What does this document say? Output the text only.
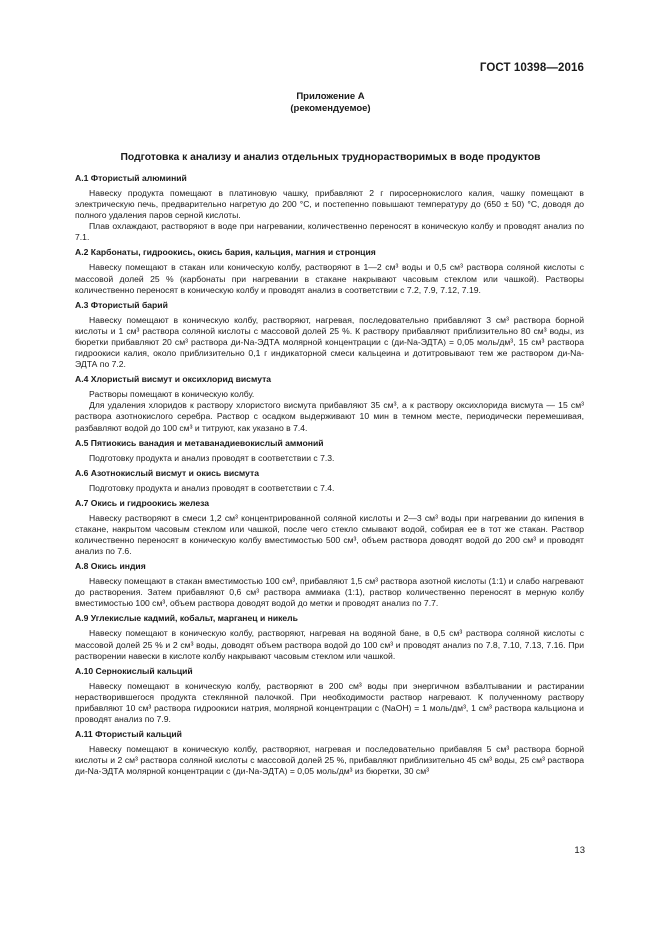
ГОСТ 10398—2016
Приложение А
(рекомендуемое)
Подготовка к анализу и анализ отдельных труднорастворимых в воде продуктов
А.1 Фтористый алюминий

Навеску продукта помещают в платиновую чашку, прибавляют 2 г пиросернокислого калия, чашку помещают в электрическую печь, предварительно нагретую до 200 °С, и постепенно повышают температуру до (650 ± 50) °С, доводя до полного удаления паров серной кислоты.

Плав охлаждают, растворяют в воде при нагревании, количественно переносят в коническую колбу и проводят анализ по 7.1.

А.2 Карбонаты, гидроокись, окись бария, кальция, магния и стронция

Навеску помещают в стакан или коническую колбу, растворяют в 1—2 см³ воды и 0,5 см³ раствора соляной кислоты с массовой долей 25 % (карбонаты при нагревании в стакане накрывают часовым стеклом или чашкой). Растворы количественно переносят в коническую колбу и проводят анализ в соответствии с 7.2, 7.9, 7.12, 7.19.

А.3 Фтористый барий

Навеску помещают в коническую колбу, растворяют, нагревая, последовательно прибавляют 3 см³ раствора борной кислоты и 1 см³ раствора соляной кислоты с массовой долей 25 %. К раствору прибавляют приблизительно 80 см³ воды, из бюретки прибавляют 20 см³ раствора ди-Na-ЭДТА молярной концентрации c (ди-Na-ЭДТА) = 0,05 моль/дм³, 15 см³ раствора гидроокиси калия, около приблизительно 0,1 г индикаторной смеси кальцеина и дотитровывают тем же раствором ди-Na-ЭДТА по 7.2.

А.4 Хлористый висмут и оксихлорид висмута

Растворы помещают в коническую колбу.

Для удаления хлоридов к раствору хлористого висмута прибавляют 35 см³, а к раствору оксихлорида висмута — 15 см³ раствора азотнокислого серебра. Раствор с осадком выдерживают 10 мин в темном месте, периодически перемешивая, разбавляют водой до 100 см³ и титруют, как указано в 7.4.

А.5 Пятиокись ванадия и метаванадиевокислый аммоний

Подготовку продукта и анализ проводят в соответствии с 7.3.

А.6 Азотнокислый висмут и окись висмута

Подготовку продукта и анализ проводят в соответствии с 7.4.

А.7 Окись и гидроокись железа

Навеску растворяют в смеси 1,2 см³ концентрированной соляной кислоты и 2—3 см³ воды при нагревании до кипения в стакане, накрытом часовым стеклом или чашкой, после чего стекло смывают водой, собирая ее в тот же стакан. Раствор количественно переносят в коническую колбу вместимостью 500 см³, объем раствора доводят водой до 200 см³ и проводят анализ по 7.6.

А.8 Окись индия

Навеску помещают в стакан вместимостью 100 см³, прибавляют 1,5 см³ раствора азотной кислоты (1:1) и слабо нагревают до растворения. Затем прибавляют 0,6 см³ раствора аммиака (1:1), раствор количественно переносят в мерную колбу вместимостью 100 см³, объем раствора доводят водой до метки и проводят анализ по 7.7.

А.9 Углекислые кадмий, кобальт, марганец и никель

Навеску помещают в коническую колбу, растворяют, нагревая на водяной бане, в 0,5 см³ раствора соляной кислоты с массовой долей 25 % и 2 см³ воды, доводят объем раствора водой до 100 см³ и проводят анализ по 7.8, 7.10, 7.13, 7.16. При растворении навески в кислоте колбу накрывают часовым стеклом или чашкой.

А.10 Сернокислый кальций

Навеску помещают в коническую колбу, растворяют в 200 см³ воды при энергичном взбалтывании и растирании нерастворившегося продукта стеклянной палочкой. При необходимости раствор нагревают. К полученному раствору прибавляют 10 см³ раствора гидроокиси натрия, молярной концентрации c (NaOH) = 1 моль/дм³, 1 см³ раствора кальциона и проводят анализ по 7.9.

А.11 Фтористый кальций

Навеску помещают в коническую колбу, растворяют, нагревая и последовательно прибавляя 5 см³ раствора борной кислоты и 2 см³ раствора соляной кислоты с массовой долей 25 %, прибавляют приблизительно 45 см³ воды, 25 см³ раствора ди-Na-ЭДТА молярной концентрации c (ди-Na-ЭДТА) = 0,05 моль/дм³ из бюретки, 30 см³

13
